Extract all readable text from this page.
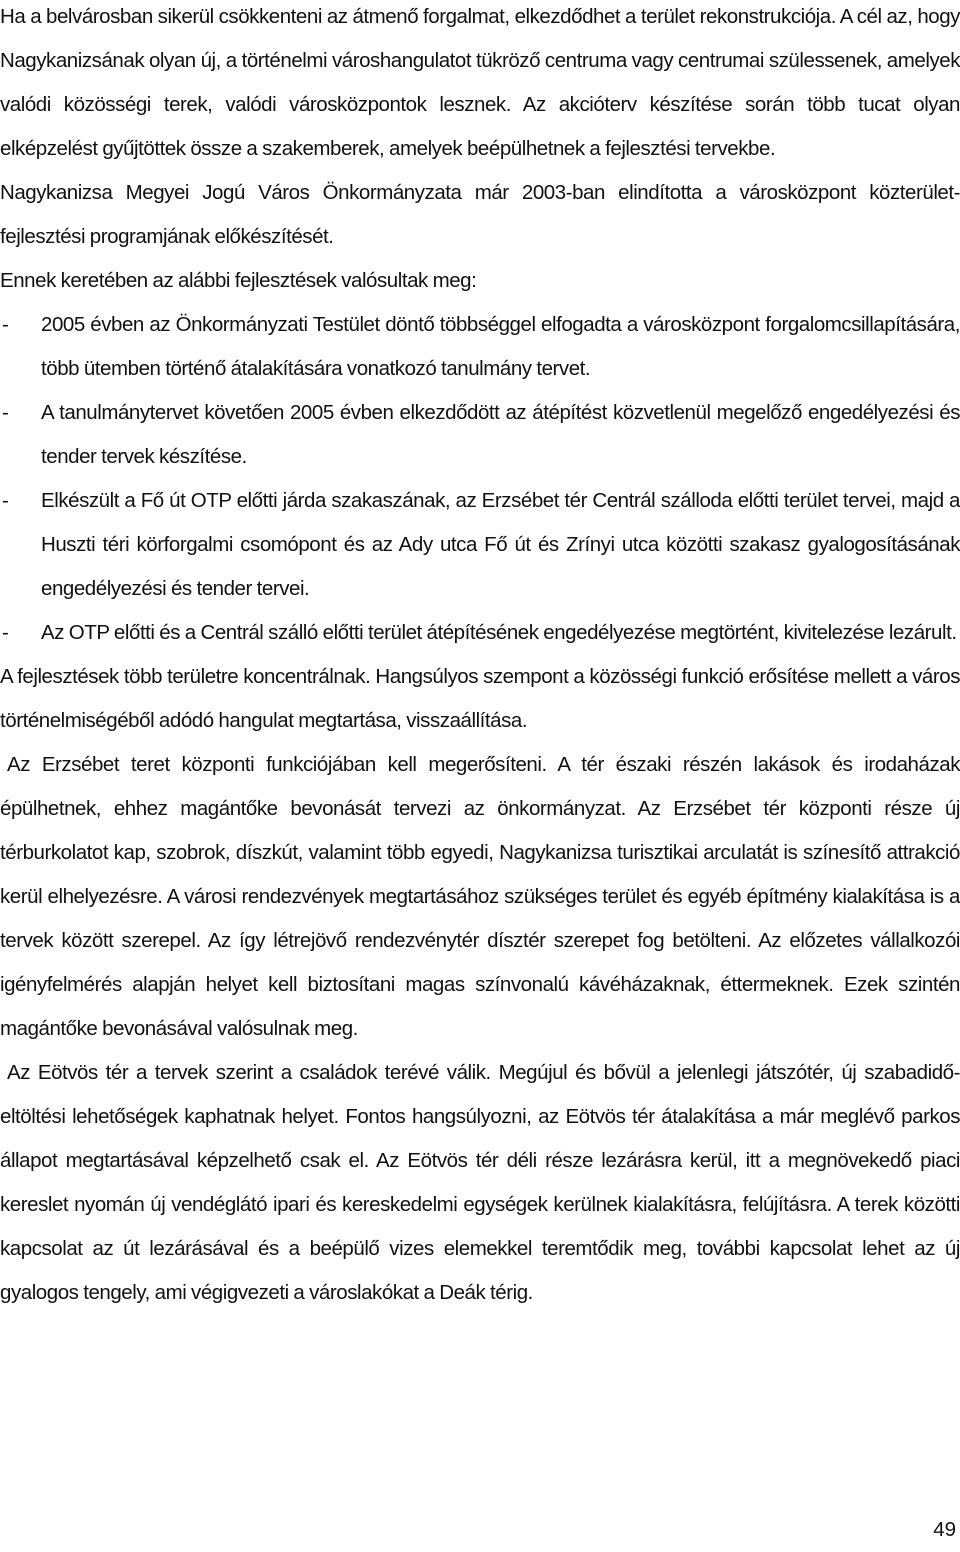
Ha a belvárosban sikerül csökkenteni az átmenő forgalmat, elkezdődhet a terület rekonstrukciója. A cél az, hogy Nagykanizsának olyan új, a történelmi városhangulatot tükröző centruma vagy centrumai szülessenek, amelyek valódi közösségi terek, valódi városközpontok lesznek. Az akcióterv készítése során több tucat olyan elképzelést gyűjtöttek össze a szakemberek, amelyek beépülhetnek a fejlesztési tervekbe.

Nagykanizsa Megyei Jogú Város Önkormányzata már 2003-ban elindította a városközpont közterület-fejlesztési programjának előkészítését.

Ennek keretében az alábbi fejlesztések valósultak meg:

- 2005 évben az Önkormányzati Testület döntő többséggel elfogadta a városközpont forgalomcsillapítására, több ütemben történő átalakítására vonatkozó tanulmány tervet.
- A tanulmánytervet követően 2005 évben elkezdődött az átépítést közvetlenül megelőző engedélyezési és tender tervek készítése.
- Elkészült a Fő út OTP előtti járda szakaszának, az Erzsébet tér Centrál szálloda előtti terület tervei, majd a Huszti téri körforgalmi csomópont és az Ady utca Fő út és Zrínyi utca közötti szakasz gyalogosításának engedélyezési és tender tervei.
- Az OTP előtti és a Centrál szálló előtti terület átépítésének engedélyezése megtörtént, kivitelezése lezárult.

A fejlesztések több területre koncentrálnak. Hangsúlyos szempont a közösségi funkció erősítése mellett a város történelmiségéből adódó hangulat megtartása, visszaállítása.

Az Erzsébet teret központi funkciójában kell megerősíteni. A tér északi részén lakások és irodaházak épülhetnek, ehhez magántőke bevonását tervezi az önkormányzat. Az Erzsébet tér központi része új térburkolatot kap, szobrok, díszkút, valamint több egyedi, Nagykanizsa turisztikai arculatát is színesítő attrakció kerül elhelyezésre. A városi rendezvények megtartásához szükséges terület és egyéb építmény kialakítása is a tervek között szerepel. Az így létrejövő rendezvénytér dísztér szerepet fog betölteni. Az előzetes vállalkozói igényfelmérés alapján helyet kell biztosítani magas színvonalú kávéházaknak, éttermeknek. Ezek szintén magántőke bevonásával valósulnak meg.

Az Eötvös tér a tervek szerint a családok terévé válik. Megújul és bővül a jelenlegi játszótér, új szabadidő-eltöltési lehetőségek kaphatnak helyet. Fontos hangsúlyozni, az Eötvös tér átalakítása a már meglévő parkos állapot megtartásával képzelhető csak el. Az Eötvös tér déli része lezárásra kerül, itt a megnövekedő piaci kereslet nyomán új vendéglátó ipari és kereskedelmi egységek kerülnek kialakításra, felújításra. A terek közötti kapcsolat az út lezárásával és a beépülő vizes elemekkel teremtődik meg, további kapcsolat lehet az új gyalogos tengely, ami végigvezeti a városlakókat a Deák térig.

49
